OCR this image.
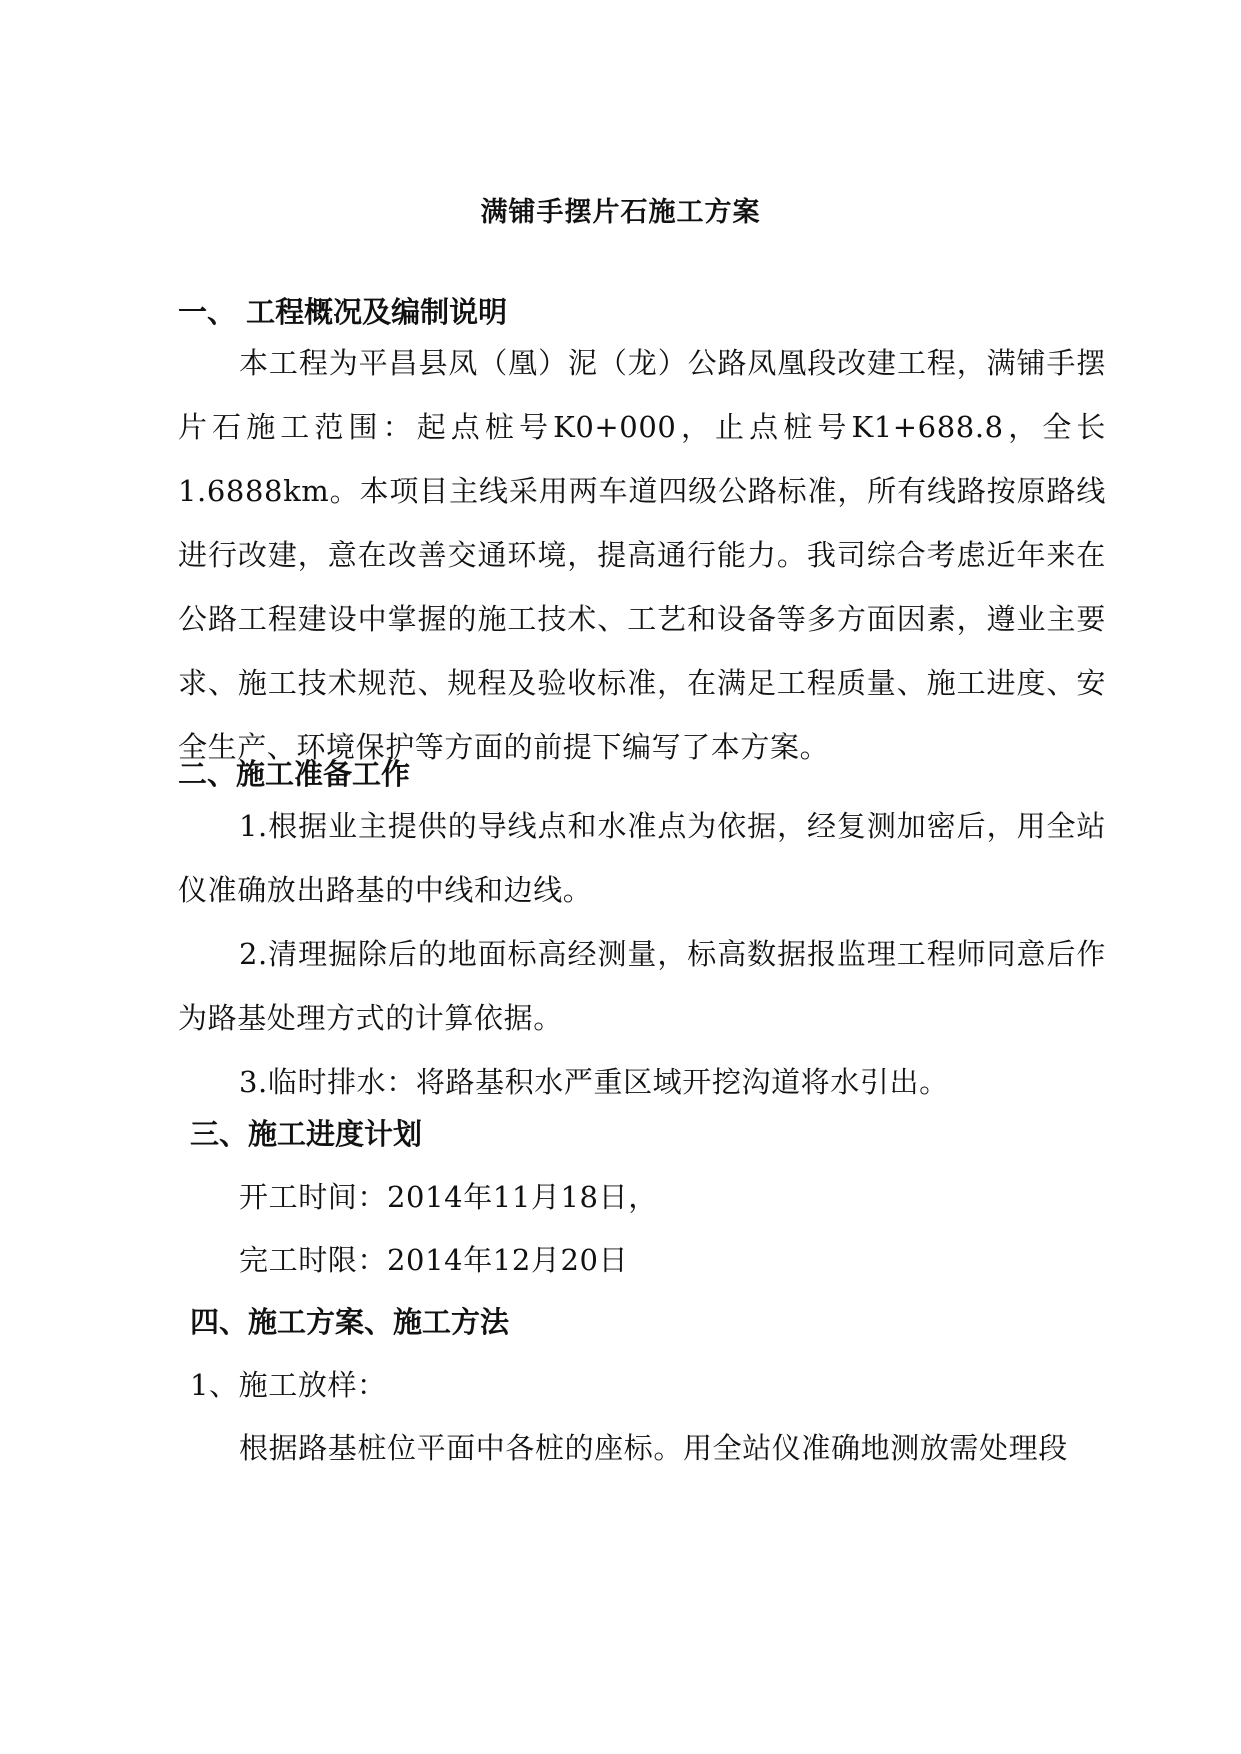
满铺手摆片石施工方案
一、 工程概况及编制说明
本工程为平昌县凤（凰）泥（龙）公路凤凰段改建工程，满铺手摆片石施工范围：起点桩号K0+000，止点桩号K1+688.8，全长1.6888km。本项目主线采用两车道四级公路标准，所有线路按原路线进行改建，意在改善交通环境，提高通行能力。我司综合考虑近年来在公路工程建设中掌握的施工技术、工艺和设备等多方面因素，遵业主要求、施工技术规范、规程及验收标准，在满足工程质量、施工进度、安全生产、环境保护等方面的前提下编写了本方案。
二、施工准备工作
1.根据业主提供的导线点和水准点为依据，经复测加密后，用全站仪准确放出路基的中线和边线。
2.清理掘除后的地面标高经测量，标高数据报监理工程师同意后作为路基处理方式的计算依据。
3.临时排水：将路基积水严重区域开挖沟道将水引出。
三、施工进度计划
开工时间：2014年11月18日，
完工时限：2014年12月20日
四、施工方案、施工方法
1、施工放样：
根据路基桩位平面中各桩的座标。用全站仪准确地测放需处理段
